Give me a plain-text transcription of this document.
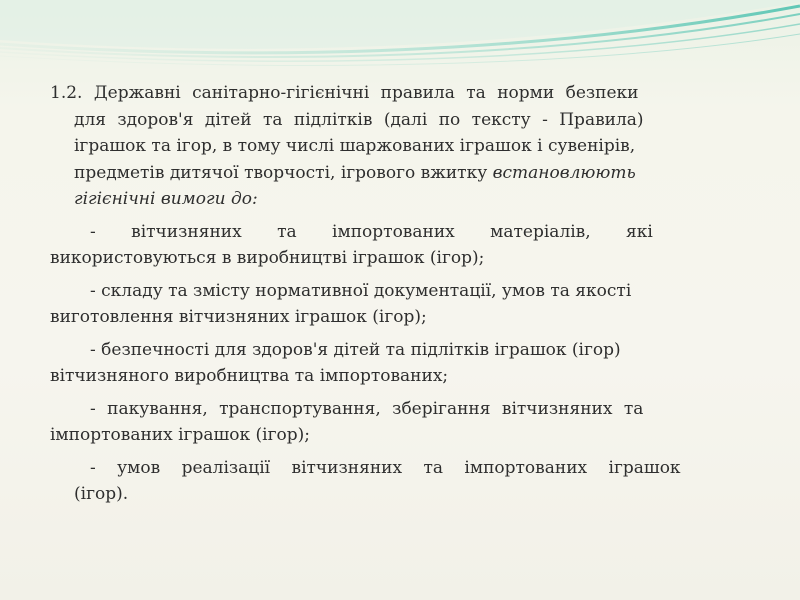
1.2. Державні санітарно-гігієнічні правила та норми безпеки
для здоров'я дітей та підлітків (далі по тексту - Правила)
іграшок та ігор, в тому числі шаржованих іграшок і сувенірів,
предметів дитячої творчості, ігрового вжитку встановлюють
гігієнічні вимоги до:
- вітчизняних та імпортованих матеріалів, які
використовуються в виробництві іграшок (ігор);
- складу та змісту нормативної документації, умов та якості
виготовлення вітчизняних іграшок (ігор);
- безпечності для здоров'я дітей та підлітків іграшок (ігор)
вітчизняного виробництва та імпортованих;
- пакування, транспортування, зберігання вітчизняних та
імпортованих іграшок (ігор);
- умов реалізації вітчизняних та імпортованих іграшок
(ігор).
